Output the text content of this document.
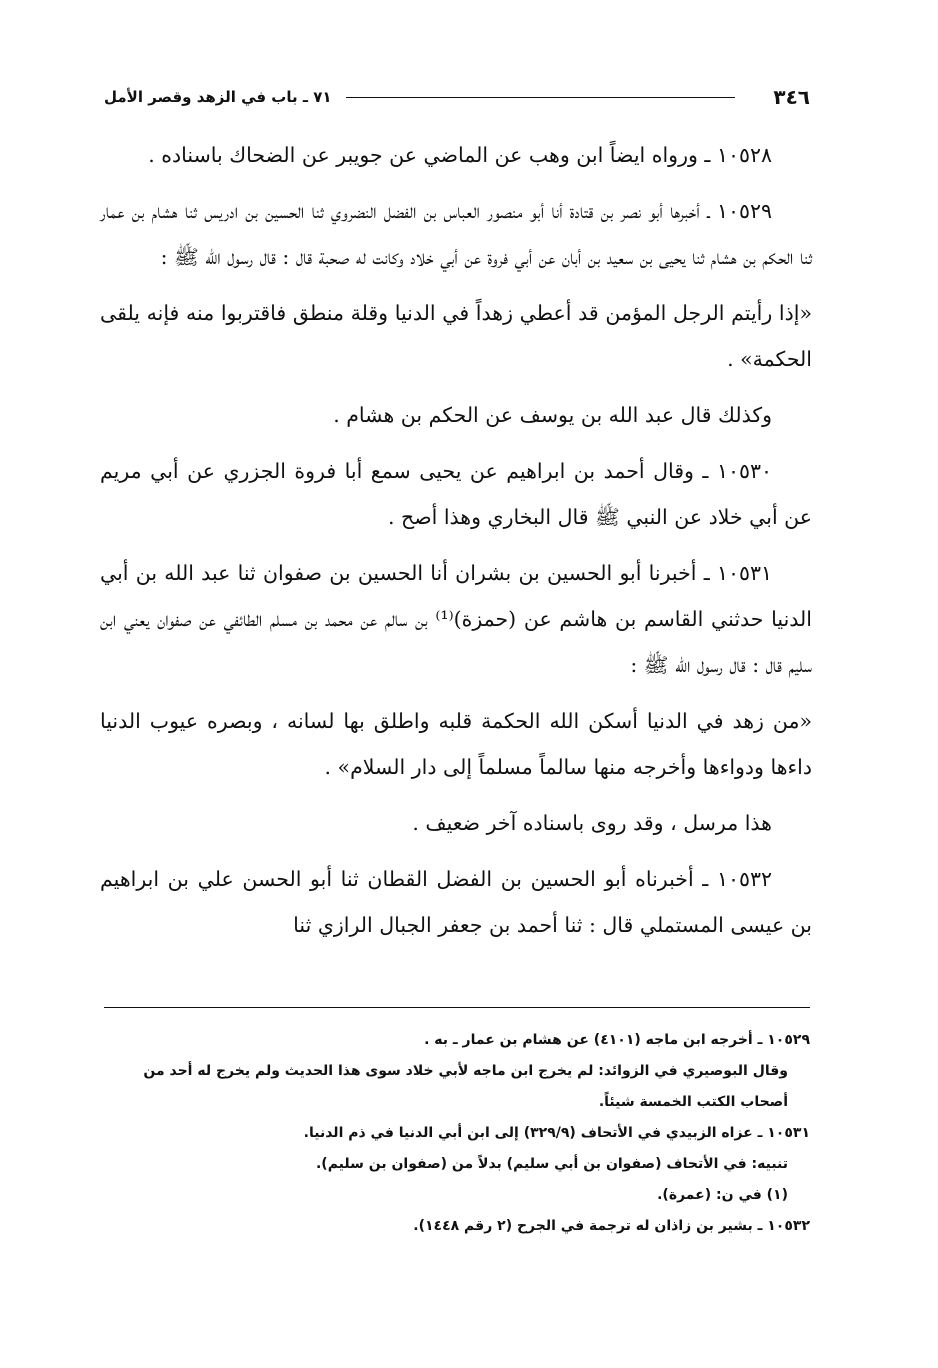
٣٤٦
٧١ ـ باب في الزهد وقصر الأمل

١٠٥٢٨ ـ ورواه ايضاً ابن وهب عن الماضي عن جويبر عن الضحاك باسناده .

١٠٥٢٩ ـ أخبرها أبو نصر بن قتادة أنا أبو منصور العباس بن الفضل النضروي ثنا الحسين بن ادريس ثنا هشام بن عمار ثنا الحكم بن هشام ثنا يحيى بن سعيد بن أبان عن أبي فروة عن أبي خلاد وكانت له صحبة قال : قال رسول الله ﷺ :

«إذا رأيتم الرجل المؤمن قد أعطي زهداً في الدنيا وقلة منطق فاقتربوا منه فإنه يلقى الحكمة» .

وكذلك قال عبد الله بن يوسف عن الحكم بن هشام .

١٠٥٣٠ ـ وقال أحمد بن ابراهيم عن يحيى سمع أبا فروة الجزري عن أبي مريم عن أبي خلاد عن النبي ﷺ قال البخاري وهذا أصح .

١٠٥٣١ ـ أخبرنا أبو الحسين بن بشران أنا الحسين بن صفوان ثنا عبد الله بن أبي الدنيا حدثني القاسم بن هاشم عن (حمزة)⁽¹⁾ بن سالم عن محمد بن مسلم الطائفي عن صفوان يعني ابن سليم قال : قال رسول الله ﷺ :

«من زهد في الدنيا أسكن الله الحكمة قلبه واطلق بها لسانه ، وبصره عيوب الدنيا داءها ودواءها وأخرجه منها سالماً مسلماً إلى دار السلام» .

هذا مرسل ، وقد روى باسناده آخر ضعيف .

١٠٥٣٢ ـ أخبرناه أبو الحسين بن الفضل القطان ثنا أبو الحسن علي بن ابراهيم بن عيسى المستملي قال : ثنا أحمد بن جعفر الجبال الرازي ثنا

١٠٥٢٩ ـ أخرجه ابن ماجه (٤١٠١) عن هشام بن عمار ـ به .

وقال البوصيري في الزوائد: لم يخرج ابن ماجه لأبي خلاد سوى هذا الحديث ولم يخرج له أحد من أصحاب الكتب الخمسة شيئاً.

١٠٥٣١ ـ عزاه الزبيدي في الأتحاف (٣٢٩/٩) إلى ابن أبي الدنيا في ذم الدنيا.

تنبيه: في الأتحاف (صفوان بن أبي سليم) بدلاً من (صفوان بن سليم).

(١) في ن: (عمرة).

١٠٥٣٢ ـ بشير بن زاذان له ترجمة في الجرح (٢ رقم ١٤٤٨).
